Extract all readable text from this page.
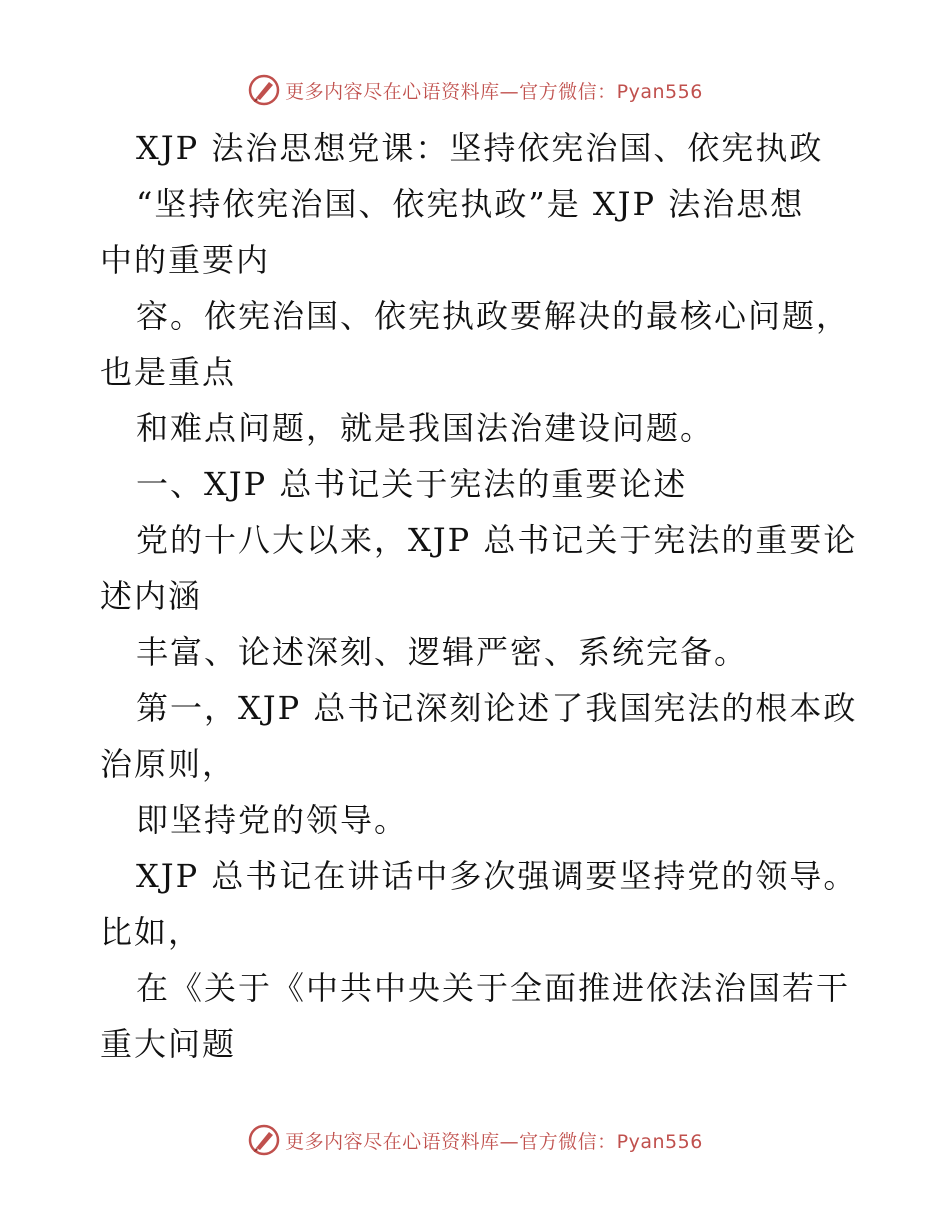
更多内容尽在心语资料库—官方微信：Pyan556
XJP 法治思想党课：坚持依宪治国、依宪执政
“坚持依宪治国、依宪执政”是 XJP 法治思想
中的重要内
容。依宪治国、依宪执政要解决的最核心问题，
也是重点
和难点问题，就是我国法治建设问题。
一、XJP 总书记关于宪法的重要论述
党的十八大以来，XJP 总书记关于宪法的重要论
述内涵
丰富、论述深刻、逻辑严密、系统完备。
第一，XJP 总书记深刻论述了我国宪法的根本政
治原则，
即坚持党的领导。
XJP 总书记在讲话中多次强调要坚持党的领导。
比如，
在《关于《中共中央关于全面推进依法治国若干
重大问题
更多内容尽在心语资料库—官方微信：Pyan556
